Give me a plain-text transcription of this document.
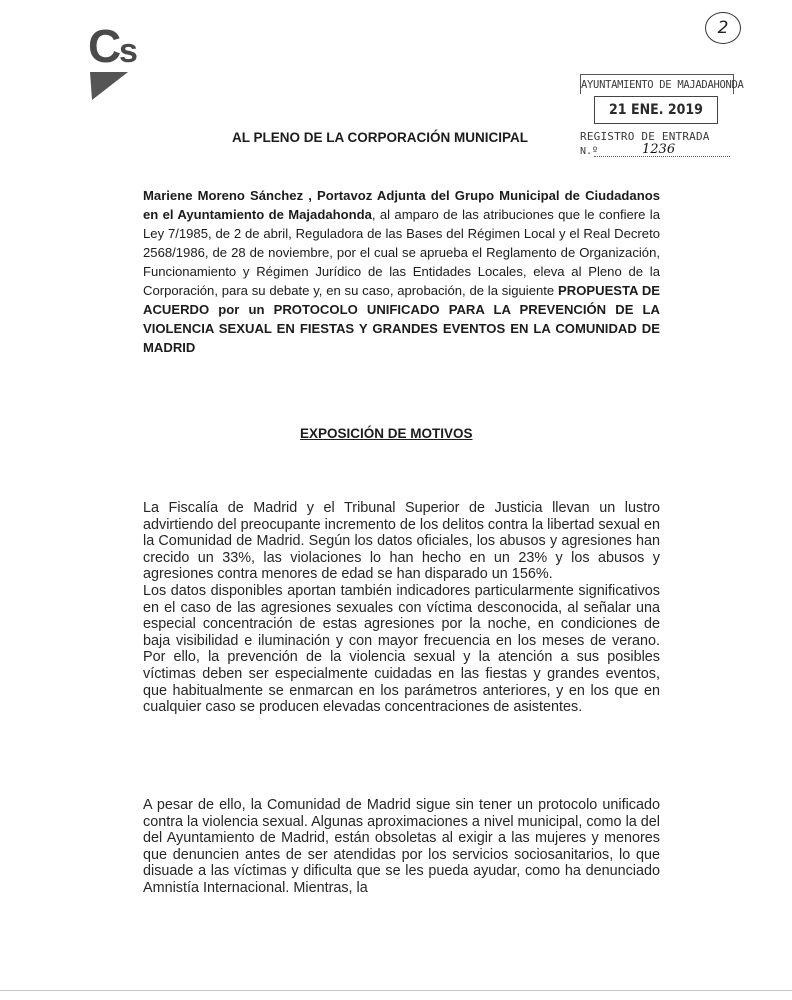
C
s
2
AYUNTAMIENTO DE MAJADAHONDA
21 ENE. 2019
REGISTRO DE ENTRADA
N.º	1236
AL PLENO DE LA CORPORACIÓN MUNICIPAL
Mariene Moreno Sánchez , Portavoz Adjunta del Grupo Municipal de Ciudadanos en el Ayuntamiento de Majadahonda, al amparo de las atribuciones que le confiere la Ley 7/1985, de 2 de abril, Reguladora de las Bases del Régimen Local y el Real Decreto 2568/1986, de 28 de noviembre, por el cual se aprueba el Reglamento de Organización, Funcionamiento y Régimen Jurídico de las Entidades Locales, eleva al Pleno de la Corporación, para su debate y, en su caso, aprobación, de la siguiente PROPUESTA DE ACUERDO por un PROTOCOLO UNIFICADO PARA LA PREVENCIÓN DE LA VIOLENCIA SEXUAL EN FIESTAS Y GRANDES EVENTOS EN LA COMUNIDAD DE MADRID
EXPOSICIÓN DE MOTIVOS
La Fiscalía de Madrid y el Tribunal Superior de Justicia llevan un lustro advirtiendo del preocupante incremento de los delitos contra la libertad sexual en la Comunidad de Madrid. Según los datos oficiales, los abusos y agresiones han crecido un 33%, las violaciones lo han hecho en un 23% y los abusos y agresiones contra menores de edad se han disparado un 156%.
Los datos disponibles aportan también indicadores particularmente significativos en el caso de las agresiones sexuales con víctima desconocida, al señalar una especial concentración de estas agresiones por la noche, en condiciones de baja visibilidad e iluminación y con mayor frecuencia en los meses de verano. Por ello, la prevención de la violencia sexual y la atención a sus posibles víctimas deben ser especialmente cuidadas en las fiestas y grandes eventos, que habitualmente se enmarcan en los parámetros anteriores, y en los que en cualquier caso se producen elevadas concentraciones de asistentes.
A pesar de ello, la Comunidad de Madrid sigue sin tener un protocolo unificado contra la violencia sexual. Algunas aproximaciones a nivel municipal, como la del del Ayuntamiento de Madrid, están obsoletas al exigir a las mujeres y menores que denuncien antes de ser atendidas por los servicios sociosanitarios, lo que disuade a las víctimas y dificulta que se les pueda ayudar, como ha denunciado Amnistía Internacional. Mientras, la
